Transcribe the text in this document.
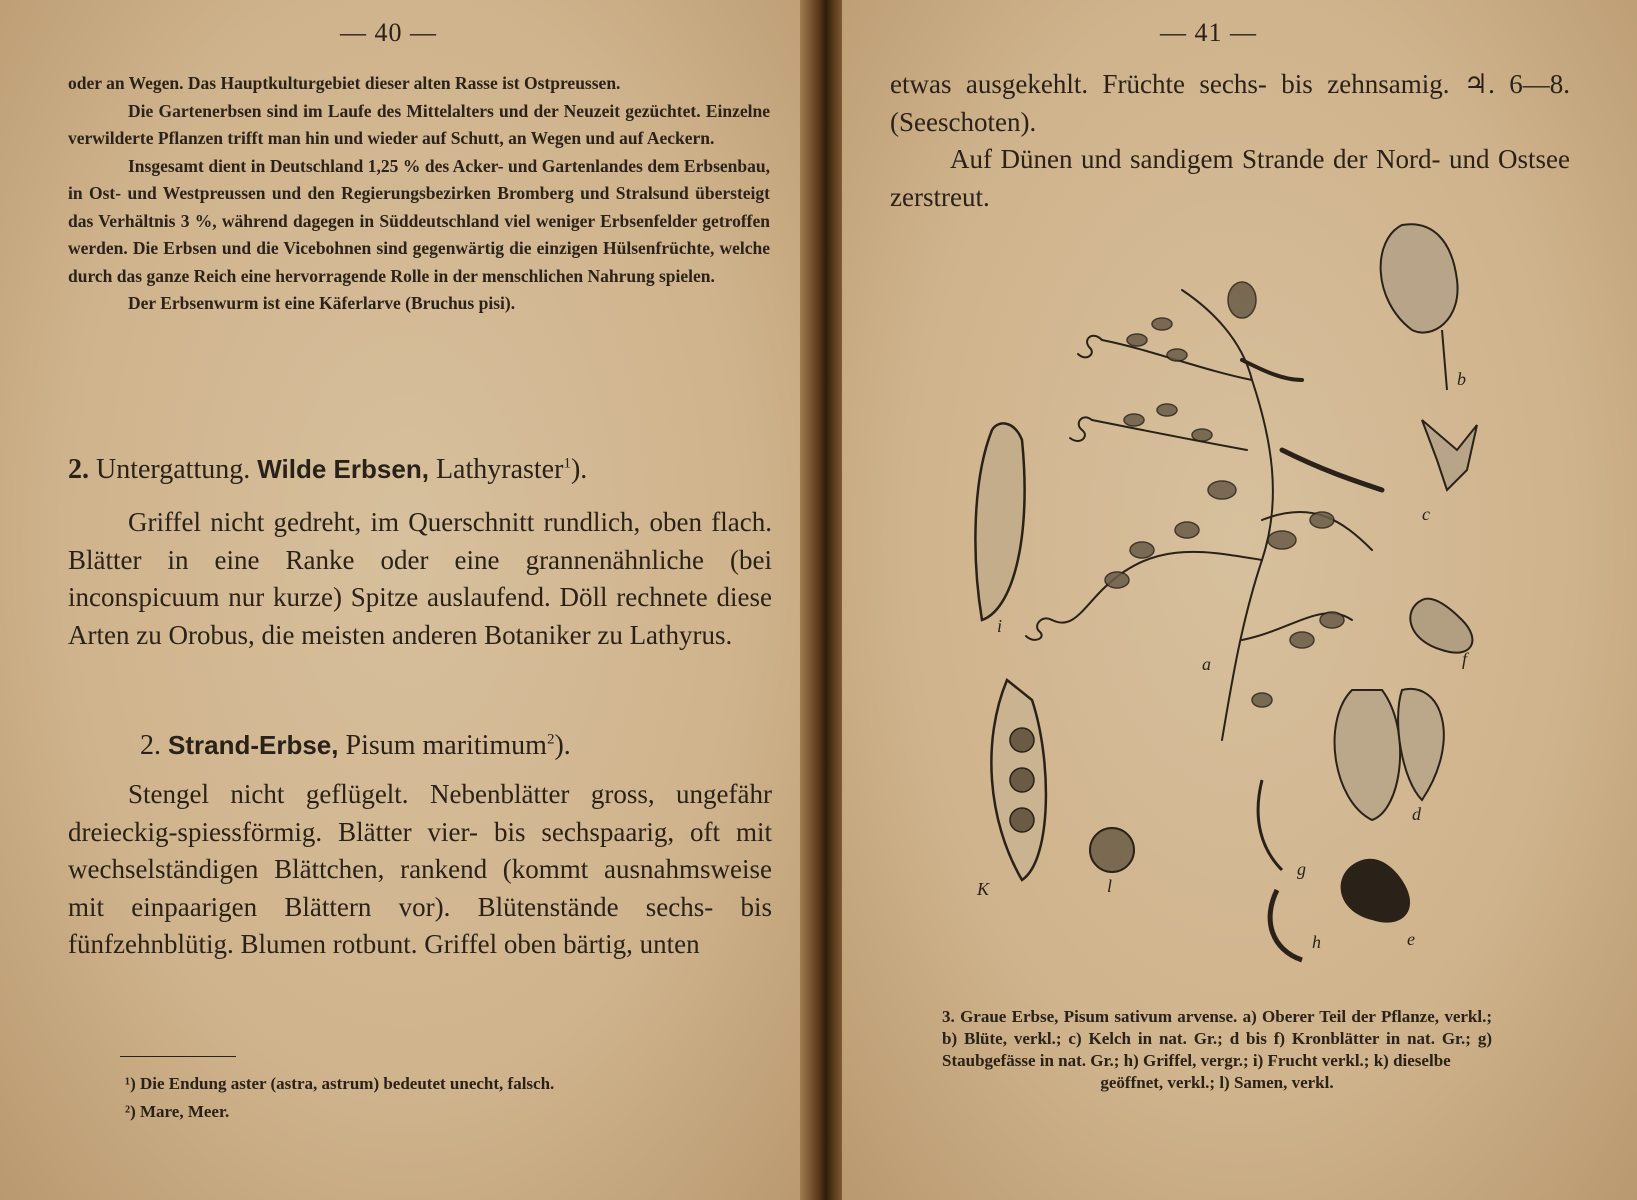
— 40 —

oder an Wegen. Das Hauptkulturgebiet dieser alten Rasse ist Ostpreussen.

Die Gartenerbsen sind im Laufe des Mittelalters und der Neuzeit gezüchtet. Einzelne verwilderte Pflanzen trifft man hin und wieder auf Schutt, an Wegen und auf Aeckern.

Insgesamt dient in Deutschland 1,25 % des Acker- und Gartenlandes dem Erbsenbau, in Ost- und Westpreussen und den Regierungsbezirken Bromberg und Stralsund übersteigt das Verhältnis 3 %, während dagegen in Süddeutschland viel weniger Erbsenfelder getroffen werden. Die Erbsen und die Vicebohnen sind gegenwärtig die einzigen Hülsenfrüchte, welche durch das ganze Reich eine hervorragende Rolle in der menschlichen Nahrung spielen.

Der Erbsenwurm ist eine Käferlarve (Bruchus pisi).

2. Untergattung. Wilde Erbsen, Lathyraster$^1$).

Griffel nicht gedreht, im Querschnitt rundlich, oben flach. Blätter in eine Ranke oder eine grannenähnliche (bei inconspicuum nur kurze) Spitze auslaufend. Döll rechnete diese Arten zu Orobus, die meisten anderen Botaniker zu Lathyrus.

2. Strand-Erbse, Pisum maritimum$^2$).

Stengel nicht geflügelt. Nebenblätter gross, ungefähr dreieckig-spiessförmig. Blätter vier- bis sechspaarig, oft mit wechselständigen Blättchen, rankend (kommt ausnahmsweise mit einpaarigen Blättern vor). Blütenstände sechs- bis fünfzehnblütig. Blumen rotbunt. Griffel oben bärtig, unten

¹) Die Endung aster (astra, astrum) bedeutet unecht, falsch.
²) Mare, Meer.
— 41 —

etwas ausgekehlt. Früchte sechs- bis zehnsamig. ♃. 6—8. (Seeschoten).

Auf Dünen und sandigem Strande der Nord- und Ostsee zerstreut.

a
b
c
d
e
f
g
h
i
K	l
3. Graue Erbse, Pisum sativum arvense. a) Oberer Teil der Pflanze, verkl.; b) Blüte, verkl.; c) Kelch in nat. Gr.; d bis f) Kronblätter in nat. Gr.; g) Staubgefässe in nat. Gr.; h) Griffel, vergr.; i) Frucht verkl.; k) dieselbe
geöffnet, verkl.; l) Samen, verkl.
